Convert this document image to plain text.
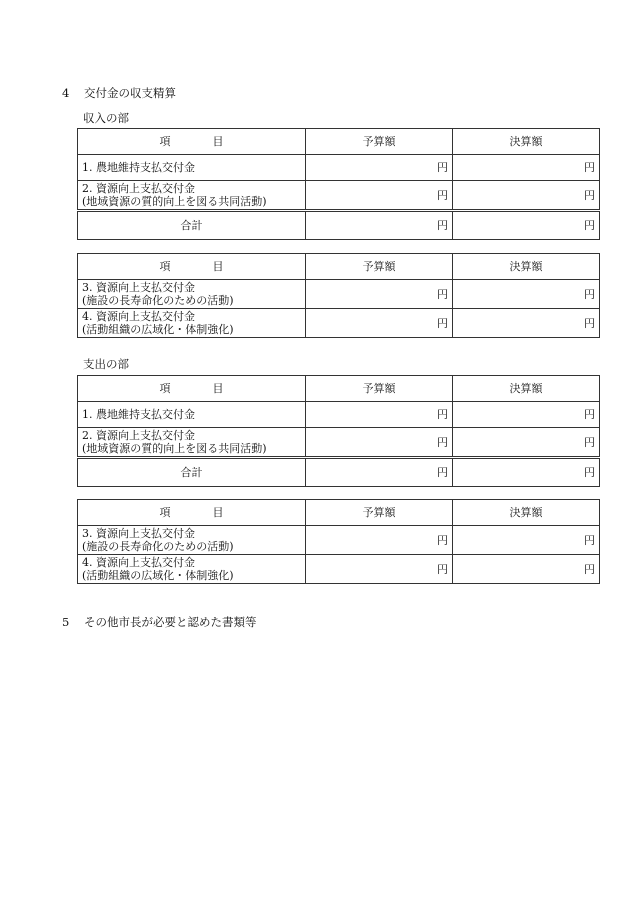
4 交付金の収支精算
収入の部
項 目	予算額	決算額
1. 農地維持支払交付金	円	円

2. 資源向上支払交付金
(地域資源の質的向上を図る共同活動)	円	円
合計	円	円
項 目	予算額	決算額

3. 資源向上支払交付金
(施設の長寿命化のための活動)	円	円

4. 資源向上支払交付金
(活動組織の広域化・体制強化)	円	円
支出の部
項 目	予算額	決算額
1. 農地維持支払交付金	円	円

2. 資源向上支払交付金
(地域資源の質的向上を図る共同活動)	円	円
合計	円	円
項 目	予算額	決算額

3. 資源向上支払交付金
(施設の長寿命化のための活動)	円	円

4. 資源向上支払交付金
(活動組織の広域化・体制強化)	円	円
5 その他市長が必要と認めた書類等
